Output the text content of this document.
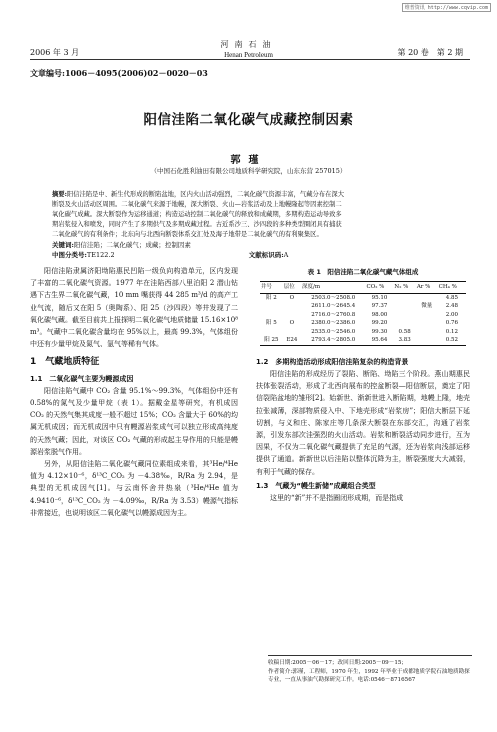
维普资讯 http://www.cqvip.com
2006 年 3 月
河南石油
Henan Petroleum	第 20 卷　第 2 期
文章编号:1006－4095(2006)02－0020－03
阳信洼陷二氧化碳气成藏控制因素
郭瑾
（中国石化胜利油田有限公司地质科学研究院，山东东营 257015）
摘要:阳信洼陷是中、新生代形成的断陷盆地，区内火山活动强烈，二氧化碳气资源丰富，气藏分布在深大
断裂及火山活动区周围。二氧化碳气来源于地幔，深大断裂、火山—岩浆活动及上地幔隆起等因素控制二
氧化碳气成藏。深大断裂作为运移通道；构造运动控制二氧化碳气的释放和成藏期，多期构造运动导致多
期岩浆侵入和喷发，同时产生了多期供气及多期成藏过程。古近系沙三、沙四段的多种类型圈闭具有捕获
二氧化碳气的有利条件；北东向与北西向断裂体系交汇处及海子地带是二氧化碳气的有利聚集区。
关键词:阳信洼陷；二氧化碳气；成藏；控制因素
中图分类号:TE122.2	文献标识码:A

阳信洼陷隶属济阳坳陷惠民凹陷一级负向构造单元，区内发现了丰富的二氧化碳气资源。1977 年在洼陷西部八里泊阳 2 潜山钻遇下古生界二氧化碳气藏，10 mm 嘴获得 44 285 m³/d 的高产工业气流，随后又在阳 5（奥陶系）、阳 25（沙四段）等井发现了二氧化碳气藏。截至目前共上报探明二氧化碳气地质储量 15.16×10⁸ m³。气藏中二氧化碳含量均在 95%以上，最高 99.3%，气体组份中还有少量甲烷及氮气、氩气等稀有气体。

1　气藏地质特征
1.1　二氧化碳气主要为幔源成因

阳信洼陷气藏中 CO₂ 含量 95.1%～99.3%，气体组份中还有 0.58%的氮气及少量甲烷（表 1）。据戴金星等研究，有机成因 CO₂ 的天然气集其成度一般不超过 15%；CO₂ 含量大于 60%的均属无机成因；而无机成因中只有幔源岩浆成气可以独立形成高纯度的天然气藏；因此，对该区 CO₂ 气藏的形成起主导作用的只能是幔源岩浆脱气作用。

另外，从阳信洼陷二氧化碳气藏同位素组成来看，其³He/⁴He 值为 4.12×10⁻⁶，δ¹³C_CO₂ 为 －4.38‰，R/Ra 为 2.94，是典型的无机成因气[1]。与云南怀舍井热泉（³He/⁴He 值为 4.9410⁻⁶，δ¹³C_CO₂ 为 －4.09‰，R/Ra 为 3.53）幔源气指标非常接近，也说明该区二氧化碳气以幔源成因为主。

表 1　阳信洼陷二氧化碳气藏气体组成
井号	层位	深度/m	CO₂ %	N₂ %	Ar %	CH₄ %
阳 2	O	2503.0～2508.0	95.10			4.85
		2611.0～2645.4	97.37		微量	2.48
		2716.0～2760.8	98.00			2.00
阳 5	O	2380.0～2386.0	99.20			0.76
		2535.0～2546.0	99.30	0.58		0.12
阳 25	E24	2793.4～2805.0	95.64	3.83		0.52
1.2　多期构造活动形成阳信洼陷复杂的构造背景

阳信洼陷的形成经历了裂陷、断陷、坳陷三个阶段。燕山期惠民扶体张裂活动，形成了北西向展布的控盆断裂—阳信断层，奠定了阳信裂陷盆地的雏形[2]。始新世、渐新世进入断陷期，地幔上隆，地壳拉张减薄，深部物质侵入中、下地壳形成“岩浆房”；阳信大断层下延切割，与义和庄、陈家庄等几条深大断裂在东部交汇，沟通了岩浆源，引发东部次洼强烈的火山活动。岩浆和断裂活动同步进行，互为因果，不仅为二氧化碳气藏提供了充足的气源，还为岩浆向浅部运移提供了通道。新新世以后洼陷以整体沉降为主，断裂强度大大减弱，有利于气藏的保存。

1.3　气藏为“幔生新储”成藏组合类型

这里的“新”并不是指圈闭形成期，而是指成

收稿日期:2005－06－17；改回日期:2005－09－15；
作者简介:郭瑾，工程师，1970 年生，1992 年毕业于成都地质学院石油地质勘探专业，一直从事油气勘探研究工作。电话:0546－8716567
